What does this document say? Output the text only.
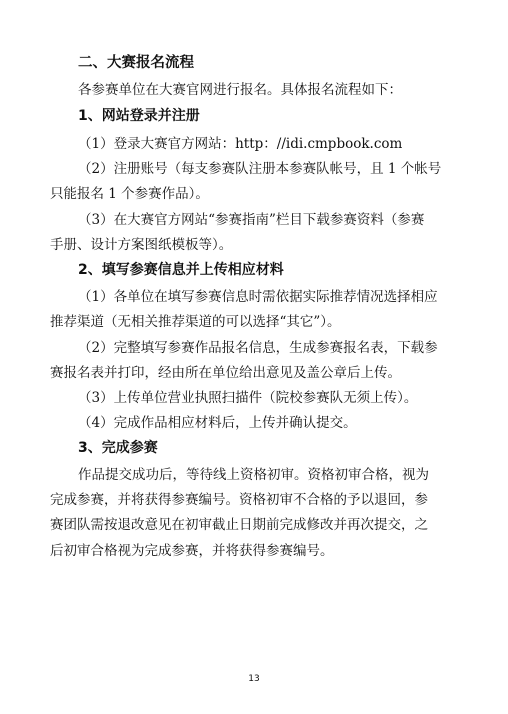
二、大赛报名流程
各参赛单位在大赛官网进行报名。具体报名流程如下：
1、网站登录并注册
（1）登录大赛官方网站：http：//idi.cmpbook.com
（2）注册账号（每支参赛队注册本参赛队帐号，且 1 个帐号
只能报名 1 个参赛作品）。
（3）在大赛官方网站“参赛指南”栏目下载参赛资料（参赛
手册、设计方案图纸模板等）。
2、填写参赛信息并上传相应材料
（1）各单位在填写参赛信息时需依据实际推荐情况选择相应
推荐渠道（无相关推荐渠道的可以选择“其它”）。
（2）完整填写参赛作品报名信息，生成参赛报名表，下载参
赛报名表并打印，经由所在单位给出意见及盖公章后上传。
（3）上传单位营业执照扫描件（院校参赛队无须上传）。
（4）完成作品相应材料后，上传并确认提交。
3、完成参赛
作品提交成功后，等待线上资格初审。资格初审合格，视为
完成参赛，并将获得参赛编号。资格初审不合格的予以退回，参
赛团队需按退改意见在初审截止日期前完成修改并再次提交，之
后初审合格视为完成参赛，并将获得参赛编号。
13
